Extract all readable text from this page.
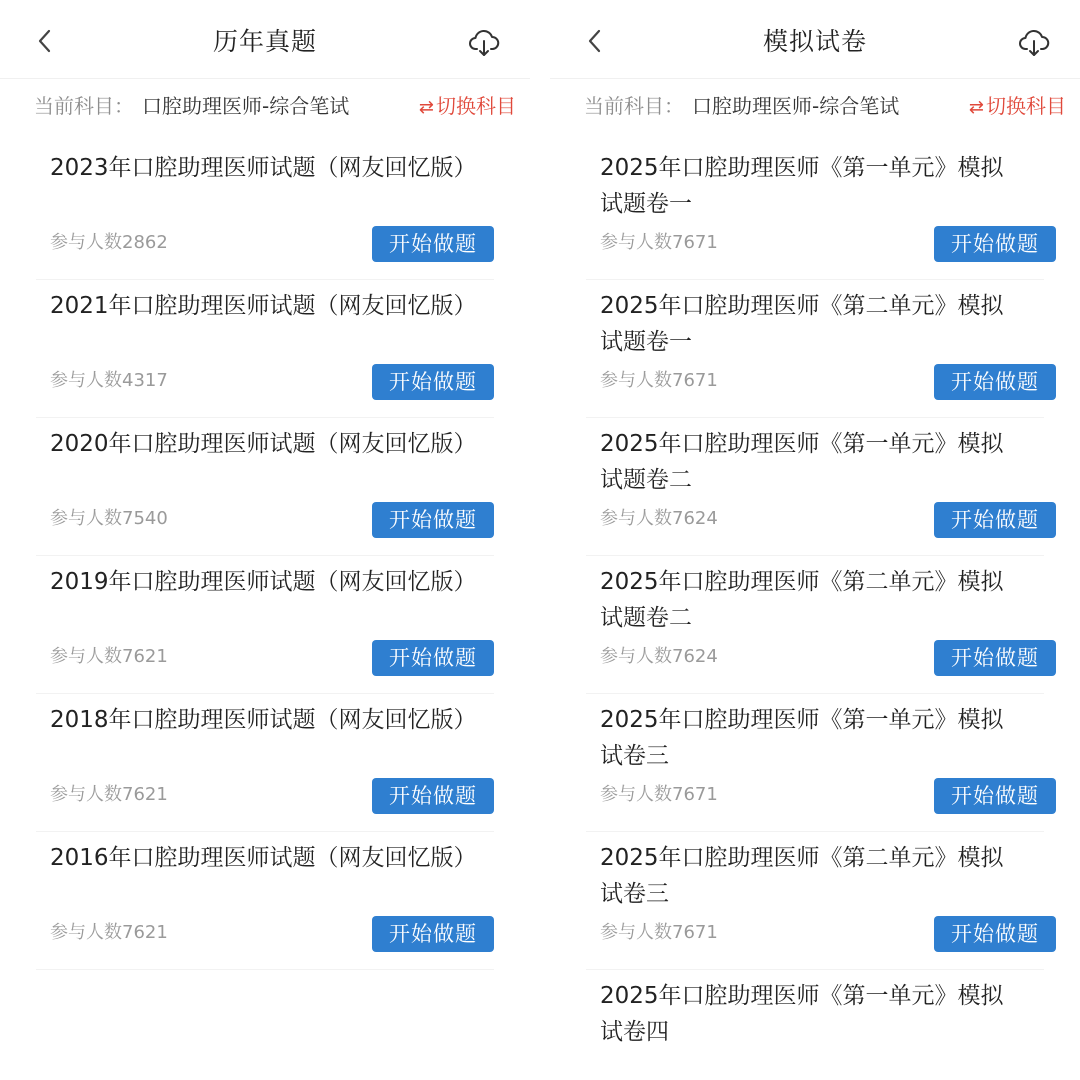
历年真题
当前科目： 口腔助理医师-综合笔试	⇄ 切换科目
2023年口腔助理医师试题（网友回忆版）
参与人数2862	开始做题
2021年口腔助理医师试题（网友回忆版）
参与人数4317	开始做题
2020年口腔助理医师试题（网友回忆版）
参与人数7540	开始做题
2019年口腔助理医师试题（网友回忆版）
参与人数7621	开始做题
2018年口腔助理医师试题（网友回忆版）
参与人数7621	开始做题
2016年口腔助理医师试题（网友回忆版）
参与人数7621	开始做题
模拟试卷
当前科目： 口腔助理医师-综合笔试	⇄ 切换科目
2025年口腔助理医师《第一单元》模拟试题卷一
参与人数7671	开始做题
2025年口腔助理医师《第二单元》模拟试题卷一
参与人数7671	开始做题
2025年口腔助理医师《第一单元》模拟试题卷二
参与人数7624	开始做题
2025年口腔助理医师《第二单元》模拟试题卷二
参与人数7624	开始做题
2025年口腔助理医师《第一单元》模拟试卷三
参与人数7671	开始做题
2025年口腔助理医师《第二单元》模拟试卷三
参与人数7671	开始做题
2025年口腔助理医师《第一单元》模拟试卷四
